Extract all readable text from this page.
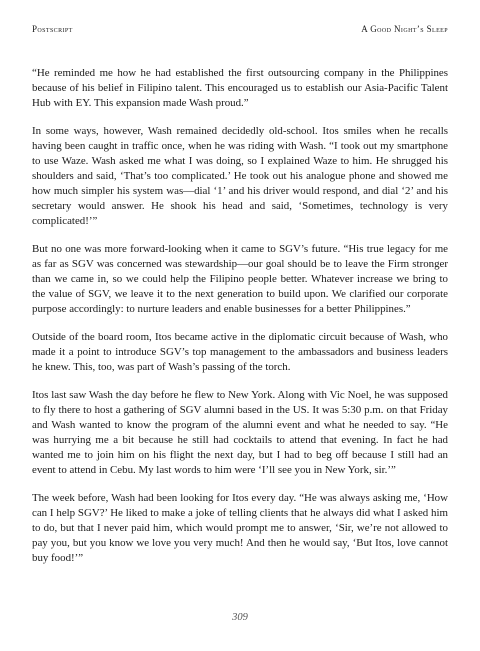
Postscript	A Good Night’s Sleep

“He reminded me how he had established the first outsourcing company in the Philippines because of his belief in Filipino talent. This encouraged us to establish our Asia-Pacific Talent Hub with EY. This expansion made Wash proud.”

In some ways, however, Wash remained decidedly old-school. Itos smiles when he recalls having been caught in traffic once, when he was riding with Wash. “I took out my smartphone to use Waze. Wash asked me what I was doing, so I explained Waze to him. He shrugged his shoulders and said, ‘That’s too complicated.’ He took out his analogue phone and showed me how much simpler his system was—dial ‘1’ and his driver would respond, and dial ‘2’ and his secretary would answer. He shook his head and said, ‘Sometimes, technology is very complicated!’”

But no one was more forward-looking when it came to SGV’s future. “His true legacy for me as far as SGV was concerned was stewardship—our goal should be to leave the Firm stronger than we came in, so we could help the Filipino people better. Whatever increase we bring to the value of SGV, we leave it to the next generation to build upon. We clarified our corporate purpose accordingly: to nurture leaders and enable businesses for a better Philippines.”

Outside of the board room, Itos became active in the diplomatic circuit because of Wash, who made it a point to introduce SGV’s top management to the ambassadors and business leaders he knew. This, too, was part of Wash’s passing of the torch.

Itos last saw Wash the day before he flew to New York. Along with Vic Noel, he was supposed to fly there to host a gathering of SGV alumni based in the US. It was 5:30 p.m. on that Friday and Wash wanted to know the program of the alumni event and what he needed to say. “He was hurrying me a bit because he still had cocktails to attend that evening. In fact he had wanted me to join him on his flight the next day, but I had to beg off because I still had an event to attend in Cebu. My last words to him were ‘I’ll see you in New York, sir.’”

The week before, Wash had been looking for Itos every day. “He was always asking me, ‘How can I help SGV?’ He liked to make a joke of telling clients that he always did what I asked him to do, but that I never paid him, which would prompt me to answer, ‘Sir, we’re not allowed to pay you, but you know we love you very much! And then he would say, ‘But Itos, love cannot buy food!’”

309
